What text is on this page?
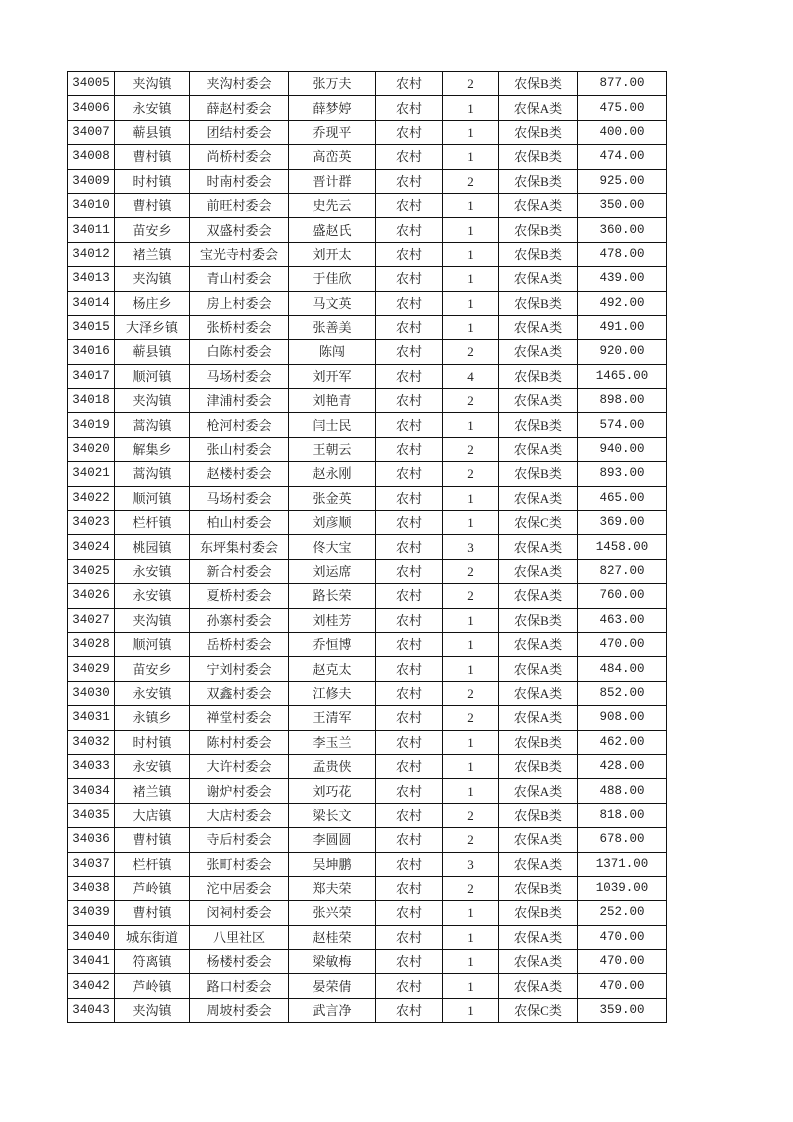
34005	夹沟镇	夹沟村委会	张万夫	农村	2	农保B类	877.00
34006	永安镇	薛赵村委会	薛梦婷	农村	1	农保A类	475.00
34007	蕲县镇	团结村委会	乔现平	农村	1	农保B类	400.00
34008	曹村镇	尚桥村委会	高峦英	农村	1	农保B类	474.00
34009	时村镇	时南村委会	晋计群	农村	2	农保B类	925.00
34010	曹村镇	前旺村委会	史先云	农村	1	农保A类	350.00
34011	苗安乡	双盛村委会	盛赵氏	农村	1	农保B类	360.00
34012	褚兰镇	宝光寺村委会	刘开太	农村	1	农保B类	478.00
34013	夹沟镇	青山村委会	于佳欣	农村	1	农保A类	439.00
34014	杨庄乡	房上村委会	马文英	农村	1	农保B类	492.00
34015	大泽乡镇	张桥村委会	张善美	农村	1	农保A类	491.00
34016	蕲县镇	白陈村委会	陈闯	农村	2	农保A类	920.00
34017	顺河镇	马场村委会	刘开军	农村	4	农保B类	1465.00
34018	夹沟镇	津浦村委会	刘艳青	农村	2	农保A类	898.00
34019	蒿沟镇	枪河村委会	闫士民	农村	1	农保B类	574.00
34020	解集乡	张山村委会	王朝云	农村	2	农保A类	940.00
34021	蒿沟镇	赵楼村委会	赵永刚	农村	2	农保B类	893.00
34022	顺河镇	马场村委会	张金英	农村	1	农保A类	465.00
34023	栏杆镇	柏山村委会	刘彦顺	农村	1	农保C类	369.00
34024	桃园镇	东坪集村委会	佟大宝	农村	3	农保A类	1458.00
34025	永安镇	新合村委会	刘运席	农村	2	农保A类	827.00
34026	永安镇	夏桥村委会	路长荣	农村	2	农保A类	760.00
34027	夹沟镇	孙寨村委会	刘桂芳	农村	1	农保B类	463.00
34028	顺河镇	岳桥村委会	乔恒博	农村	1	农保A类	470.00
34029	苗安乡	宁刘村委会	赵克太	农村	1	农保A类	484.00
34030	永安镇	双鑫村委会	江修夫	农村	2	农保A类	852.00
34031	永镇乡	禅堂村委会	王清军	农村	2	农保A类	908.00
34032	时村镇	陈村村委会	李玉兰	农村	1	农保B类	462.00
34033	永安镇	大许村委会	孟贵侠	农村	1	农保B类	428.00
34034	褚兰镇	谢炉村委会	刘巧花	农村	1	农保A类	488.00
34035	大店镇	大店村委会	梁长文	农村	2	农保B类	818.00
34036	曹村镇	寺后村委会	李圆圆	农村	2	农保A类	678.00
34037	栏杆镇	张町村委会	吴坤鹏	农村	3	农保A类	1371.00
34038	芦岭镇	沱中居委会	郑夫荣	农村	2	农保B类	1039.00
34039	曹村镇	闵祠村委会	张兴荣	农村	1	农保B类	252.00
34040	城东街道	八里社区	赵桂荣	农村	1	农保A类	470.00
34041	符离镇	杨楼村委会	梁敏梅	农村	1	农保A类	470.00
34042	芦岭镇	路口村委会	晏荣倩	农村	1	农保A类	470.00
34043	夹沟镇	周坡村委会	武言净	农村	1	农保C类	359.00
